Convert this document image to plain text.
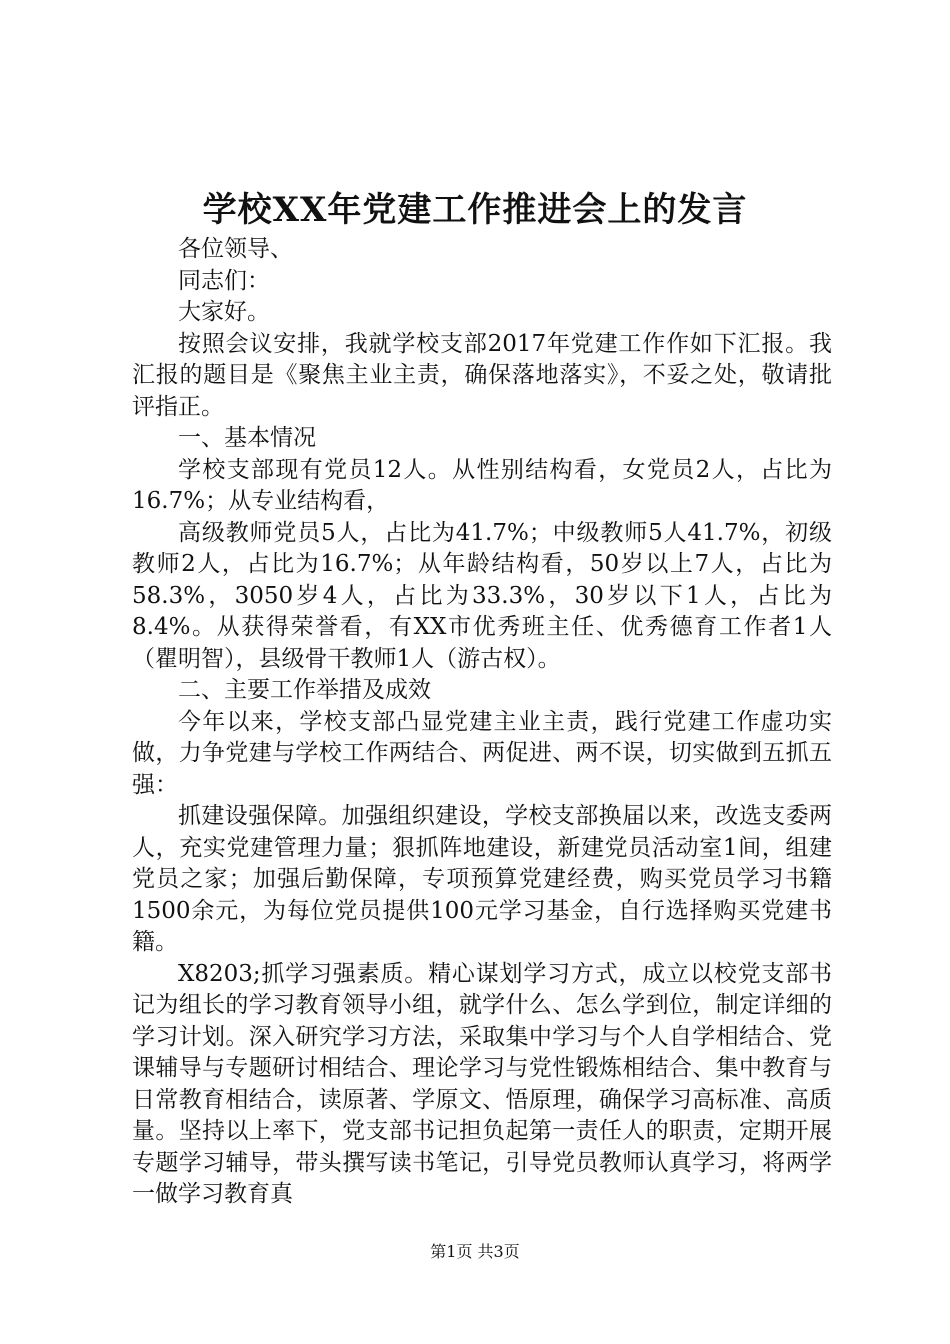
学校XX年党建工作推进会上的发言

各位领导、

同志们：

大家好。

按照会议安排，我就学校支部2017年党建工作作如下汇报。我汇报的题目是《聚焦主业主责，确保落地落实》，不妥之处，敬请批评指正。

一、基本情况

学校支部现有党员12人。从性别结构看，女党员2人，占比为16.7%；从专业结构看，

高级教师党员5人，占比为41.7%；中级教师5人41.7%，初级教师2人，占比为16.7%；从年龄结构看，50岁以上7人，占比为58.3%，3050岁4人，占比为33.3%，30岁以下1人，占比为8.4%。从获得荣誉看，有XX市优秀班主任、优秀德育工作者1人（瞿明智），县级骨干教师1人（游古权）。

二、主要工作举措及成效

今年以来，学校支部凸显党建主业主责，践行党建工作虚功实做，力争党建与学校工作两结合、两促进、两不误，切实做到五抓五强：

抓建设强保障。加强组织建设，学校支部换届以来，改选支委两人，充实党建管理力量；狠抓阵地建设，新建党员活动室1间，组建党员之家；加强后勤保障，专项预算党建经费，购买党员学习书籍1500余元，为每位党员提供100元学习基金，自行选择购买党建书籍。

X8203;抓学习强素质。精心谋划学习方式，成立以校党支部书记为组长的学习教育领导小组，就学什么、怎么学到位，制定详细的学习计划。深入研究学习方法，采取集中学习与个人自学相结合、党课辅导与专题研讨相结合、理论学习与党性锻炼相结合、集中教育与日常教育相结合，读原著、学原文、悟原理，确保学习高标准、高质量。坚持以上率下，党支部书记担负起第一责任人的职责，定期开展专题学习辅导，带头撰写读书笔记，引导党员教师认真学习，将两学一做学习教育真

第1页 共3页
